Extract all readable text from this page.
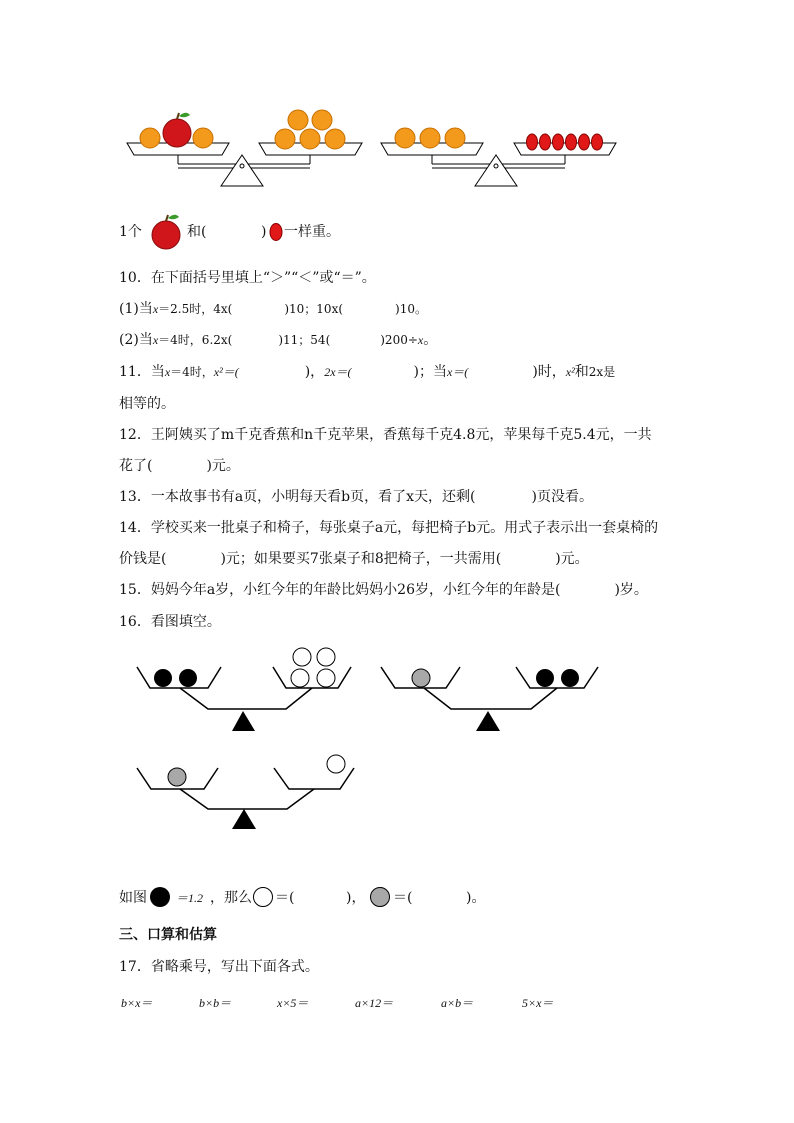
1个	和(	) 一样重。
10．在下面括号里填上“＞”“＜”或“＝”。
(1)当x＝2.5时，4x(	)10；10x(	)10。
(2)当x＝4时，6.2x(	)11；54(	)200÷x。
11．当x＝4时，x²＝(	)，2x＝(	)；当x＝(	)时，x²和2x是
相等的。
12．王阿姨买了m千克香蕉和n千克苹果，香蕉每千克4.8元，苹果每千克5.4元，一共
花了(	)元。
13．一本故事书有a页，小明每天看b页，看了x天，还剩(	)页没看。
14．学校买来一批桌子和椅子，每张桌子a元，每把椅子b元。用式子表示出一套桌椅的
价钱是(	)元；如果要买7张桌子和8把椅子，一共需用(	)元。
15．妈妈今年a岁，小红今年的年龄比妈妈小26岁，小红今年的年龄是(	)岁。
16．看图填空。
如图 ＝1.2 ，那么 ＝(	)， ＝(	)。
三、口算和估算
17．省略乘号，写出下面各式。
b×x＝	b×b＝	x×5＝	a×12＝	a×b＝	5×x＝
